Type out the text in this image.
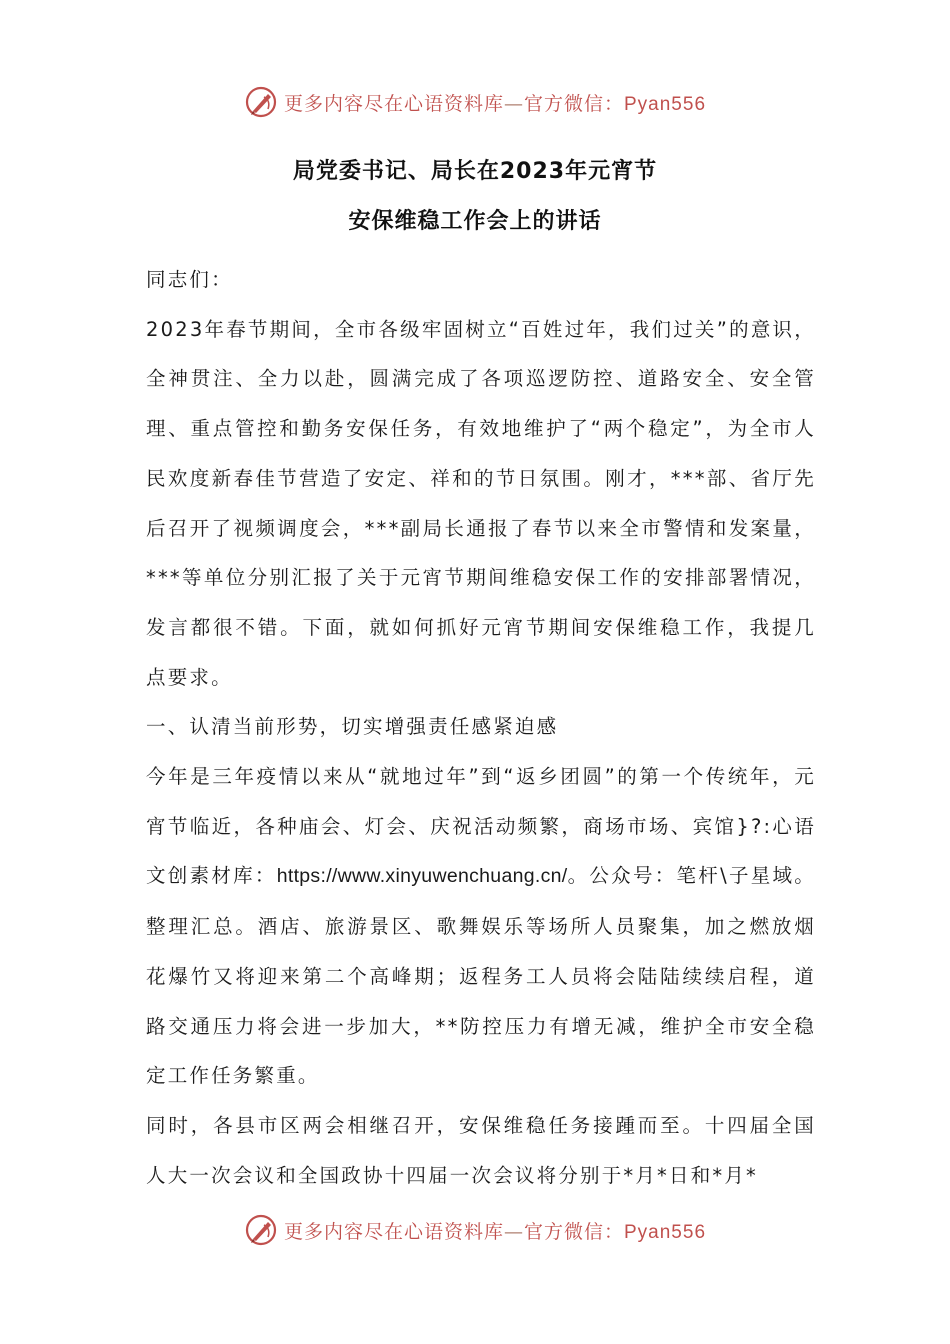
更多内容尽在心语资料库—官方微信：Pyan556
局党委书记、局长在2023年元宵节
安保维稳工作会上的讲话

同志们：

2023年春节期间，全市各级牢固树立“百姓过年，我们过关”的意识，全神贯注、全力以赴，圆满完成了各项巡逻防控、道路安全、安全管理、重点管控和勤务安保任务，有效地维护了“两个稳定”，为全市人民欢度新春佳节营造了安定、祥和的节日氛围。刚才，***部、省厅先后召开了视频调度会，***副局长通报了春节以来全市警情和发案量，***等单位分别汇报了关于元宵节期间维稳安保工作的安排部署情况，发言都很不错。下面，就如何抓好元宵节期间安保维稳工作，我提几点要求。

一、认清当前形势，切实增强责任感紧迫感

今年是三年疫情以来从“就地过年”到“返乡团圆”的第一个传统年，元宵节临近，各种庙会、灯会、庆祝活动频繁，商场市场、宾馆}?:心语文创素材库：https://www.xinyuwenchuang.cn/。公众号：笔杆\子星域。整理汇总。酒店、旅游景区、歌舞娱乐等场所人员聚集，加之燃放烟花爆竹又将迎来第二个高峰期；返程务工人员将会陆陆续续启程，道路交通压力将会进一步加大，**防控压力有增无减，维护全市安全稳定工作任务繁重。

同时，各县市区两会相继召开，安保维稳任务接踵而至。十四届全国人大一次会议和全国政协十四届一次会议将分别于*月*日和*月*

更多内容尽在心语资料库—官方微信：Pyan556
